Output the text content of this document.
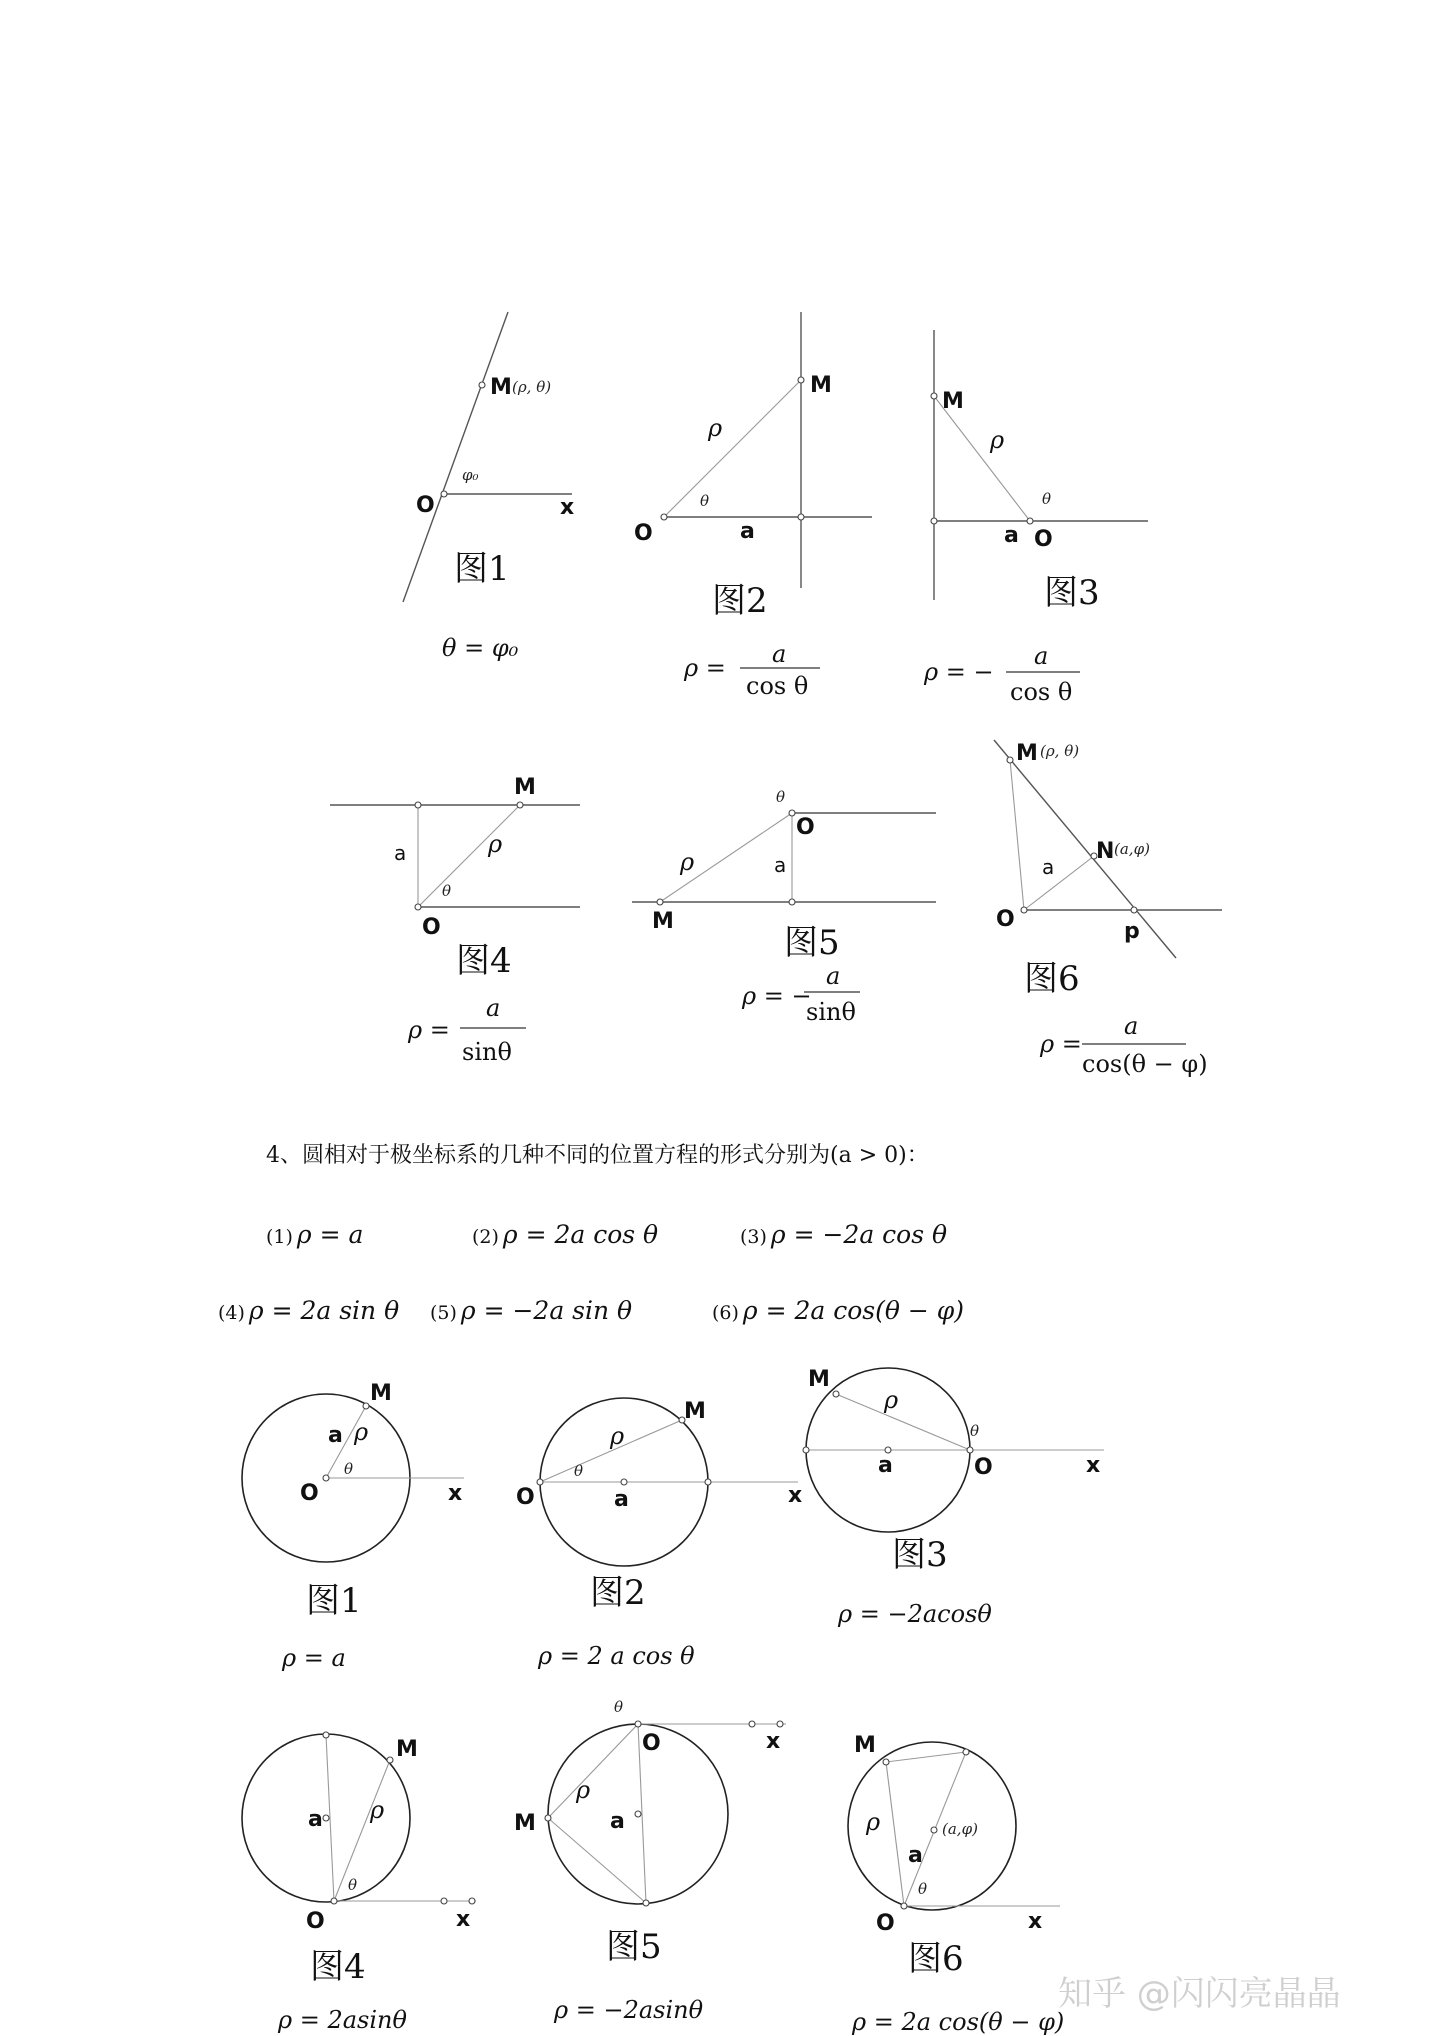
M (ρ, θ)
O	x
φ₀
图1
θ = φ₀
M
O	a
ρ
θ
图2
ρ = a
cos θ
M
O
a
ρ
θ
图3
ρ = −
a
cos θ
M
O
a	ρ
θ
图4
ρ =
a
sinθ
O
M
a
ρ
θ
图5
ρ = −
a
sinθ
M (ρ, θ)
N (a,φ)
O	p
a
图6
ρ =
a
cos(θ − φ)
M
O	x
a ρ
θ
图1
ρ = a
M
O	x
a
ρ
θ
图2
ρ = 2 a cos θ
M
O	x
a
ρ
θ
图3
ρ = −2acosθ
M
O	x
a ρ
θ
图4
ρ = 2asinθ
O	x
M	a
ρ
θ
图5
ρ = −2asinθ
M
O	x
a
ρ
θ
(a,φ)
图6
ρ = 2a cos(θ − φ)
4、圆相对于极坐标系的几种不同的位置方程的形式分别为(a > 0)：
(1) ρ = a	(2) ρ = 2a cos θ	(3) ρ = −2a cos θ
(4) ρ = 2a sin θ (5) ρ = −2a sin θ	(6) ρ = 2a cos(θ − φ)
知乎 @闪闪亮晶晶
